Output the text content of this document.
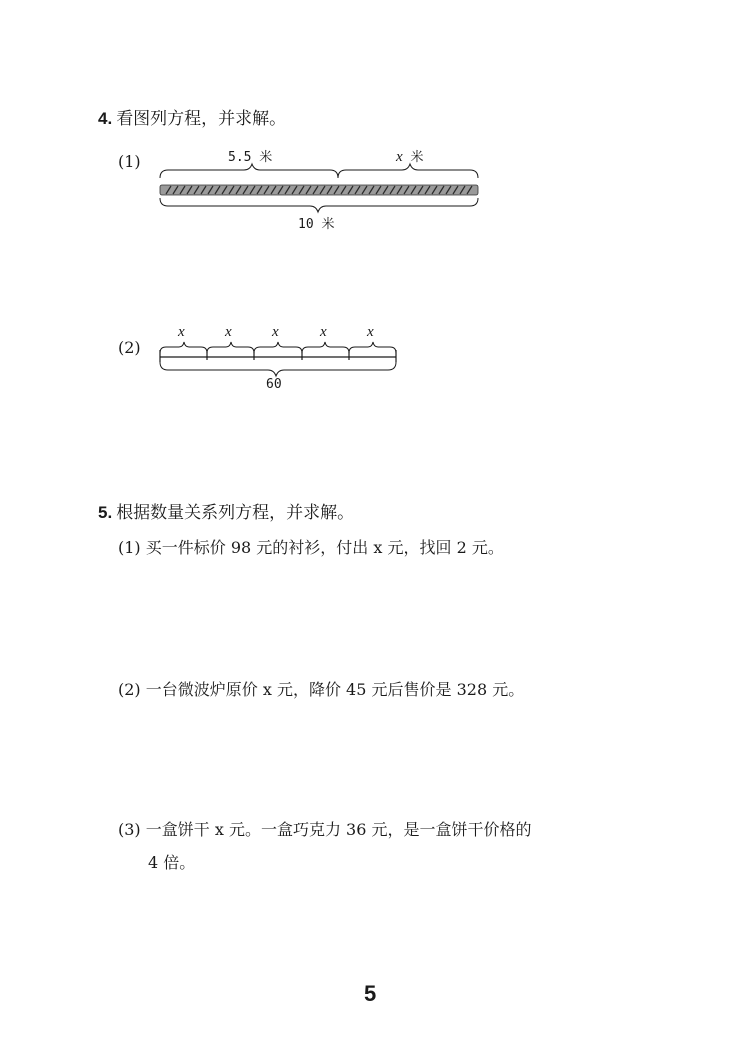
4. 看图列方程，并求解。
(1)	5.5 米	x 米
10 米
(2)
x	x	x	x	x
60
5. 根据数量关系列方程，并求解。
(1) 买一件标价 98 元的衬衫，付出 x 元，找回 2 元。
(2) 一台微波炉原价 x 元，降价 45 元后售价是 328 元。
(3) 一盒饼干 x 元。一盒巧克力 36 元，是一盒饼干价格的
4 倍。
5
